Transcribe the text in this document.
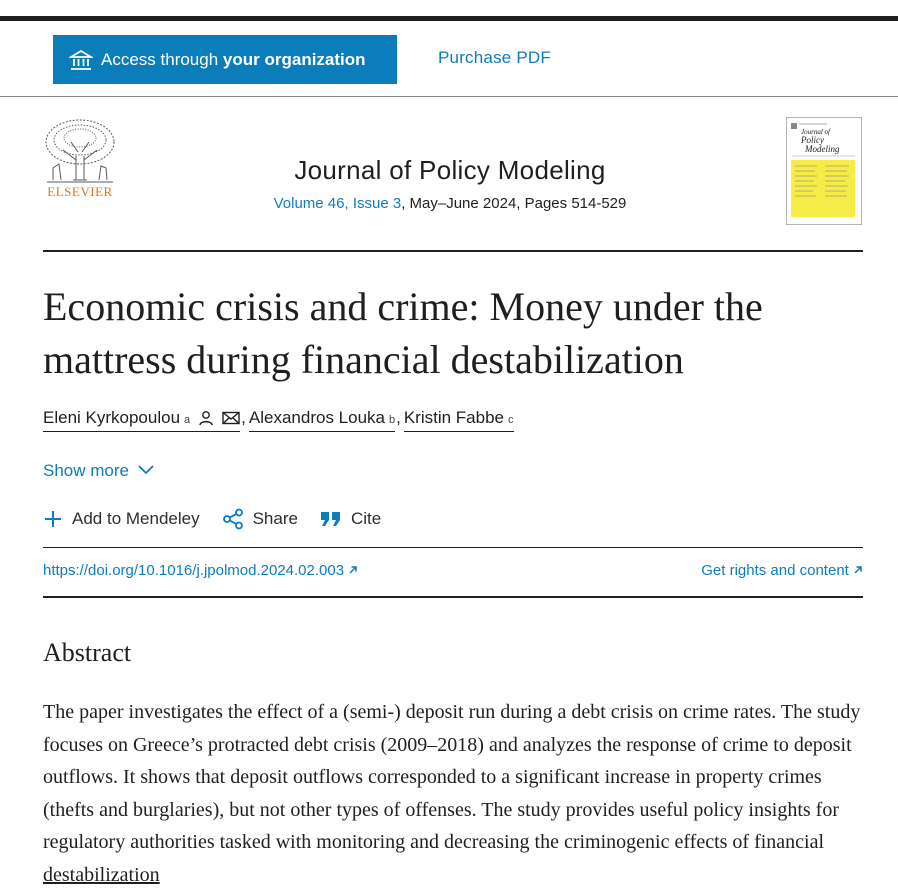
Access through your organization	Purchase PDF
ELSEVIER
Journal of Policy Modeling
Volume 46, Issue 3, May–June 2024, Pages 514-529
Journal of
Policy
Modeling
Economic crisis and crime: Money under the mattress during financial destabilization
Eleni Kyrkopoulou a	, Alexandros Louka b , Kristin Fabbe c
Show more
Add to Mendeley	Share	Cite
https://doi.org/10.1016/j.jpolmod.2024.02.003	Get rights and content
Abstract

The paper investigates the effect of a (semi-) deposit run during a debt crisis on crime rates. The study focuses on Greece’s protracted debt crisis (2009–2018) and analyzes the response of crime to deposit outflows. It shows that deposit outflows corresponded to a significant increase in property crimes (thefts and burglaries), but not other types of offenses. The study provides useful policy insights for regulatory authorities tasked with monitoring and decreasing the criminogenic effects of financial destabilization
